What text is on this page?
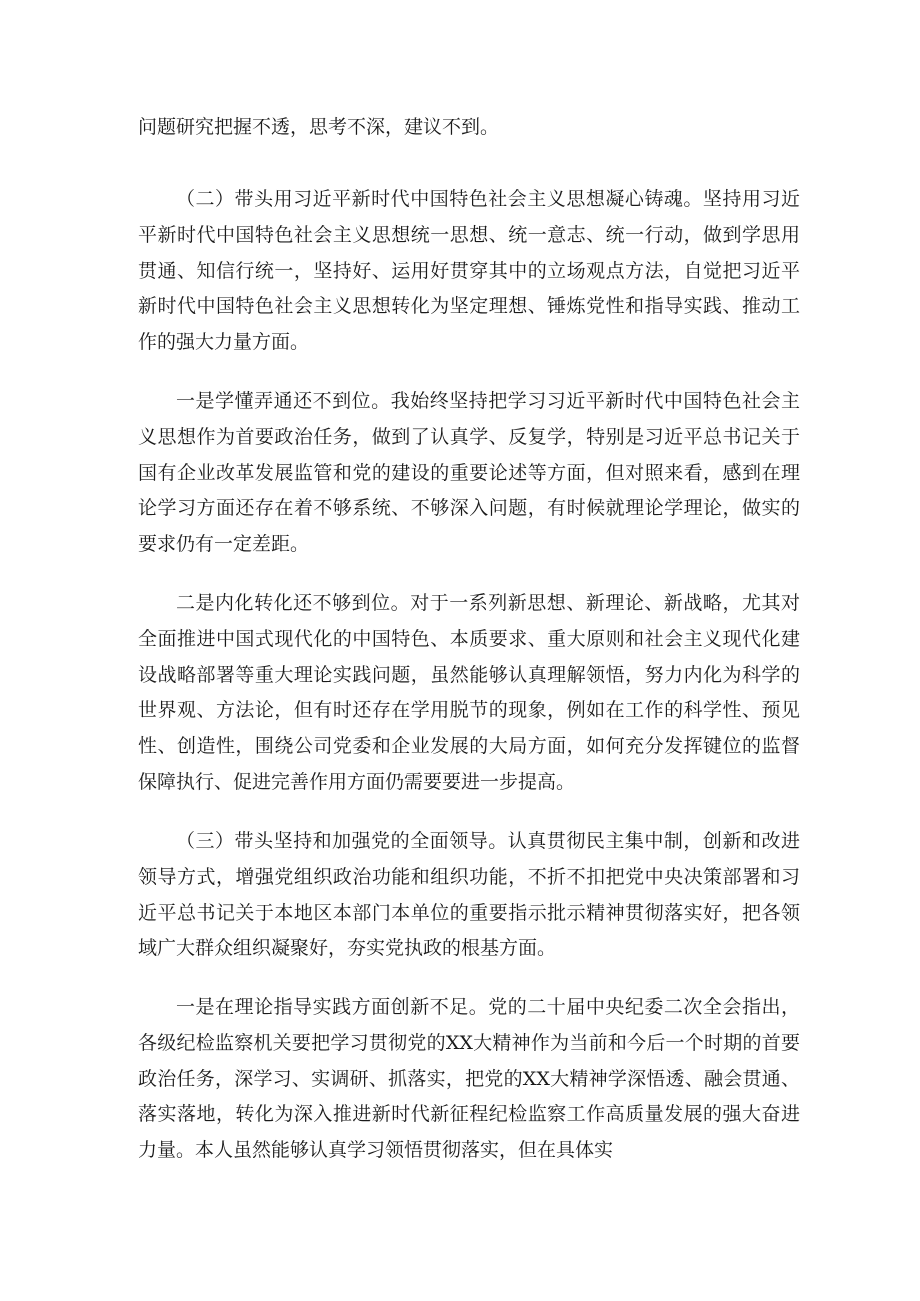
问题研究把握不透，思考不深，建议不到。

（二）带头用习近平新时代中国特色社会主义思想凝心铸魂。坚持用习近平新时代中国特色社会主义思想统一思想、统一意志、统一行动，做到学思用贯通、知信行统一，坚持好、运用好贯穿其中的立场观点方法，自觉把习近平新时代中国特色社会主义思想转化为坚定理想、锤炼党性和指导实践、推动工作的强大力量方面。

一是学懂弄通还不到位。我始终坚持把学习习近平新时代中国特色社会主义思想作为首要政治任务，做到了认真学、反复学，特别是习近平总书记关于国有企业改革发展监管和党的建设的重要论述等方面，但对照来看，感到在理论学习方面还存在着不够系统、不够深入问题，有时候就理论学理论，做实的要求仍有一定差距。

二是内化转化还不够到位。对于一系列新思想、新理论、新战略，尤其对全面推进中国式现代化的中国特色、本质要求、重大原则和社会主义现代化建设战略部署等重大理论实践问题，虽然能够认真理解领悟，努力内化为科学的世界观、方法论，但有时还存在学用脱节的现象，例如在工作的科学性、预见性、创造性，围绕公司党委和企业发展的大局方面，如何充分发挥键位的监督保障执行、促进完善作用方面仍需要要进一步提高。

（三）带头坚持和加强党的全面领导。认真贯彻民主集中制，创新和改进领导方式，增强党组织政治功能和组织功能，不折不扣把党中央决策部署和习近平总书记关于本地区本部门本单位的重要指示批示精神贯彻落实好，把各领域广大群众组织凝聚好，夯实党执政的根基方面。

一是在理论指导实践方面创新不足。党的二十届中央纪委二次全会指出，各级纪检监察机关要把学习贯彻党的XX大精神作为当前和今后一个时期的首要政治任务，深学习、实调研、抓落实，把党的XX大精神学深悟透、融会贯通、落实落地，转化为深入推进新时代新征程纪检监察工作高质量发展的强大奋进力量。本人虽然能够认真学习领悟贯彻落实，但在具体实
